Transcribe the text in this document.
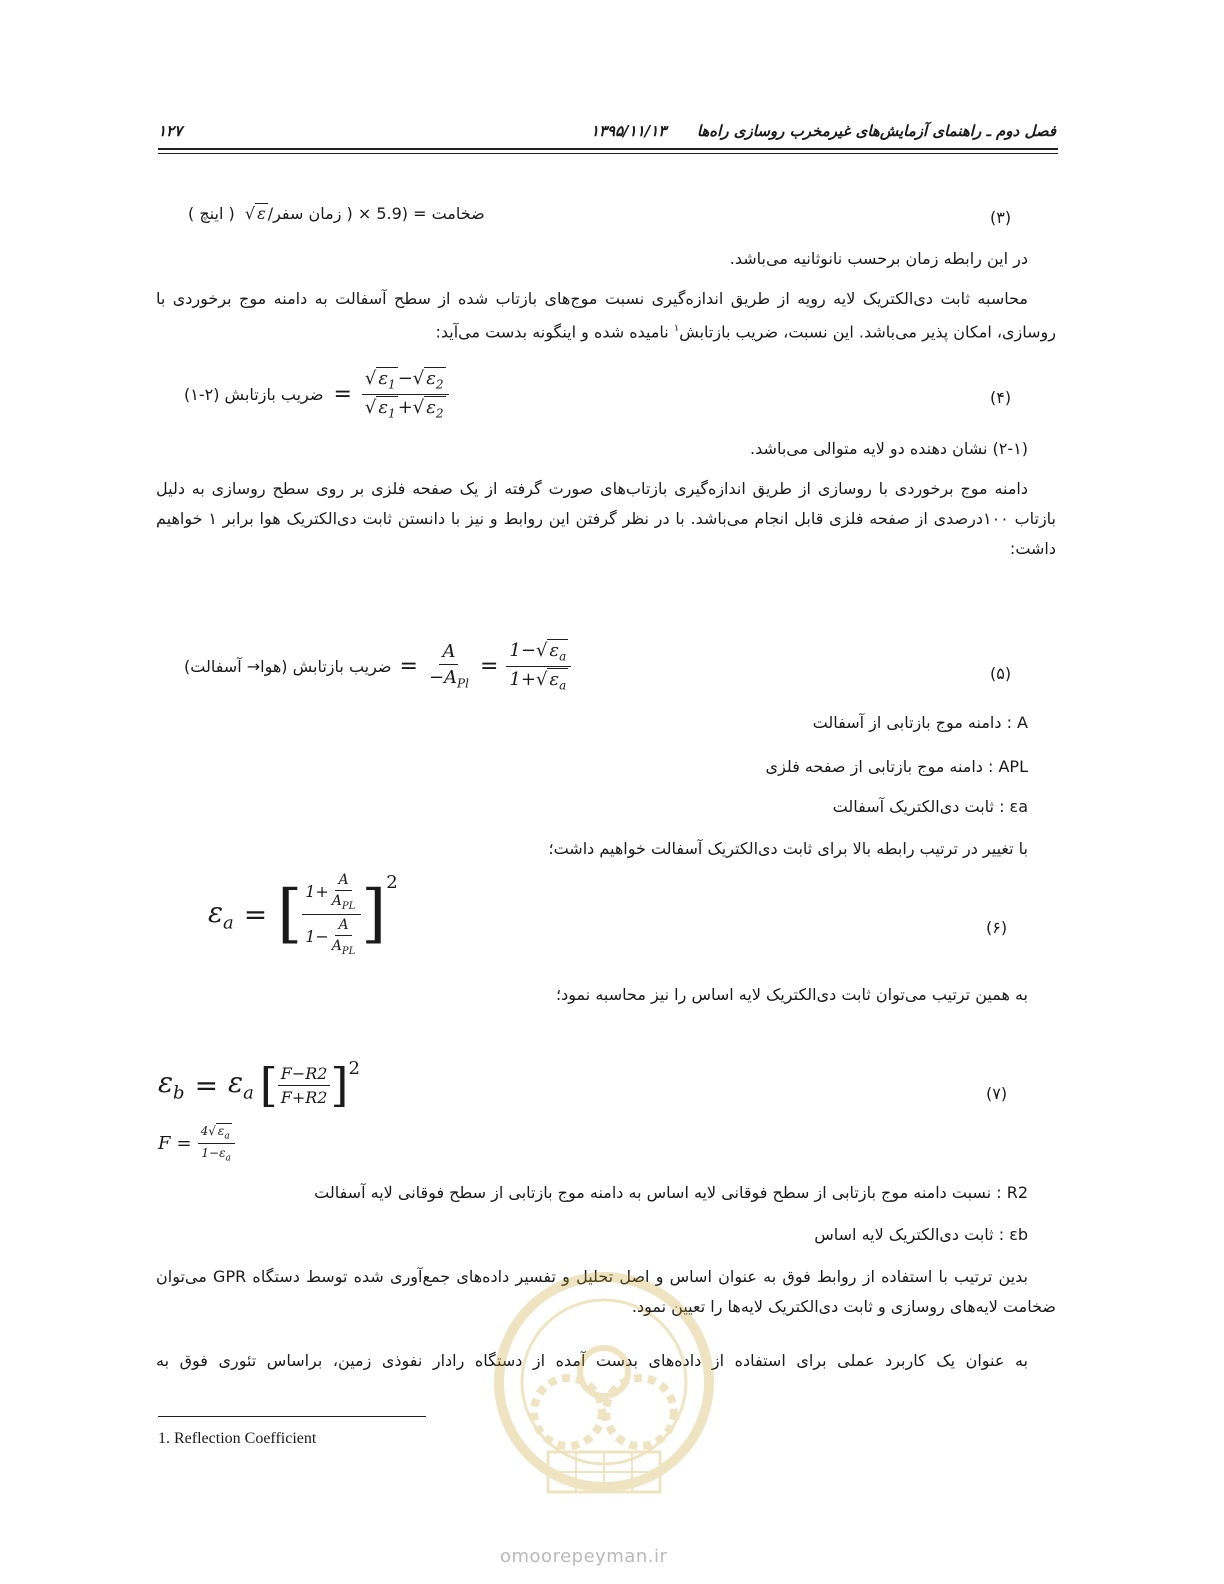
۱۲۷	فصل دوم ـ راهنمای آزمایش‌های غیرمخرب روسازی راه‌ها  ۱۳۹۵/۱۱/۱۳
(۳)
( اینچ )  √ ε /( زمان سفر × 5.9) = ضخامت
در این رابطه زمان برحسب نانوثانیه می‌باشد.
محاسبه ثابت دی‌الکتریک لایه رویه از طریق اندازه‌گیری نسبت موج‌های بازتاب شده از سطح آسفالت به دامنه موج برخوردی با روسازی، امکان پذیر می‌باشد. این نسبت، ضریب بازتابش$^۱$ نامیده شده و اینگونه بدست می‌آید:
(۴)
ضریب بازتابش (۲-۱) = $\frac{√ \varepsilon_1 -√ \varepsilon_2}{√ \varepsilon_1 +√ \varepsilon_2}$
(۲-۱) نشان دهنده دو لایه متوالی می‌باشد.
دامنه موج برخوردی با روسازی از طریق اندازه‌گیری بازتاب‌های صورت گرفته از یک صفحه فلزی بر روی سطح روسازی به دلیل بازتاب ۱۰۰درصدی از صفحه فلزی قابل انجام می‌باشد. با در نظر گرفتن این روابط و نیز با دانستن ثابت دی‌الکتریک هوا برابر ۱ خواهیم داشت:
(۵)
ضریب بازتابش (هوا→ آسفالت) = $\frac{A}{-A_{Pl}} = \frac{1-√ \varepsilon_a}{1+√ \varepsilon_a}$
A : دامنه موج بازتابی از آسفالت
APL : دامنه موج بازتابی از صفحه فلزی
εa : ثابت دی‌الکتریک آسفالت
با تغییر در ترتیب رابطه بالا برای ثابت دی‌الکتریک آسفالت خواهیم داشت؛
(۶)
$\varepsilon_a$ = [ $\frac{1+ \frac{A}{A_{PL}}}{1- \frac{A}{A_{PL}}}$ ] 2
به همین ترتیب می‌توان ثابت دی‌الکتریک لایه اساس را نیز محاسبه نمود؛
(۷)
$\varepsilon_b = \varepsilon_a$ [ $\frac{F-R2}{F+R2}$ ] 2
$F = \frac{4√ \varepsilon_a}{1-\varepsilon_a}$
R2 : نسبت دامنه موج بازتابی از سطح فوقانی لایه اساس به دامنه موج بازتابی از سطح فوقانی لایه آسفالت
εb : ثابت دی‌الکتریک لایه اساس
بدین ترتیب با استفاده از روابط فوق به عنوان اساس و اصل تحلیل و تفسیر داده‌های جمع‌آوری شده توسط دستگاه GPR می‌توان ضخامت لایه‌های روسازی و ثابت دی‌الکتریک لایه‌ها را تعیین نمود.
به عنوان یک کاربرد عملی برای استفاده از داده‌های بدست آمده از دستگاه رادار نفوذی زمین، براساس تئوری فوق به
1. Reflection Coefficient
omoorepeyman.ir
